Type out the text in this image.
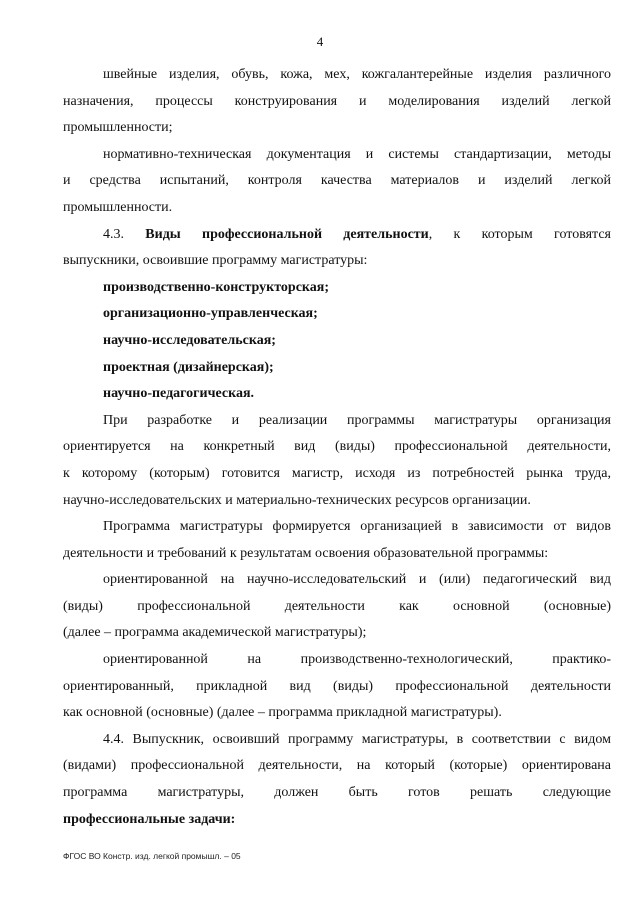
4

швейные изделия, обувь, кожа, мех, кожгалантерейные изделия различного

назначения, процессы конструирования и моделирования изделий легкой

промышленности;

нормативно-техническая документация и системы стандартизации, методы

и средства испытаний, контроля качества материалов и изделий легкой

промышленности.

4.3. Виды профессиональной деятельности, к которым готовятся

выпускники, освоившие программу магистратуры:

производственно-конструкторская;

организационно-управленческая;

научно-исследовательская;

проектная (дизайнерская);

научно-педагогическая.

При разработке и реализации программы магистратуры организация

ориентируется на конкретный вид (виды) профессиональной деятельности,

к которому (которым) готовится магистр, исходя из потребностей рынка труда,

научно-исследовательских и материально-технических ресурсов организации.

Программа магистратуры формируется организацией в зависимости от видов

деятельности и требований к результатам освоения образовательной программы:

ориентированной на научно-исследовательский и (или) педагогический вид

(виды) профессиональной деятельности как основной (основные)

(далее – программа академической магистратуры);

ориентированной на производственно-технологический, практико-

ориентированный, прикладной вид (виды) профессиональной деятельности

как основной (основные) (далее – программа прикладной магистратуры).

4.4. Выпускник, освоивший программу магистратуры, в соответствии с видом

(видами) профессиональной деятельности, на который (которые) ориентирована

программа магистратуры, должен быть готов решать следующие

профессиональные задачи:

ФГОС ВО Констр. изд. легкой промышл. – 05
